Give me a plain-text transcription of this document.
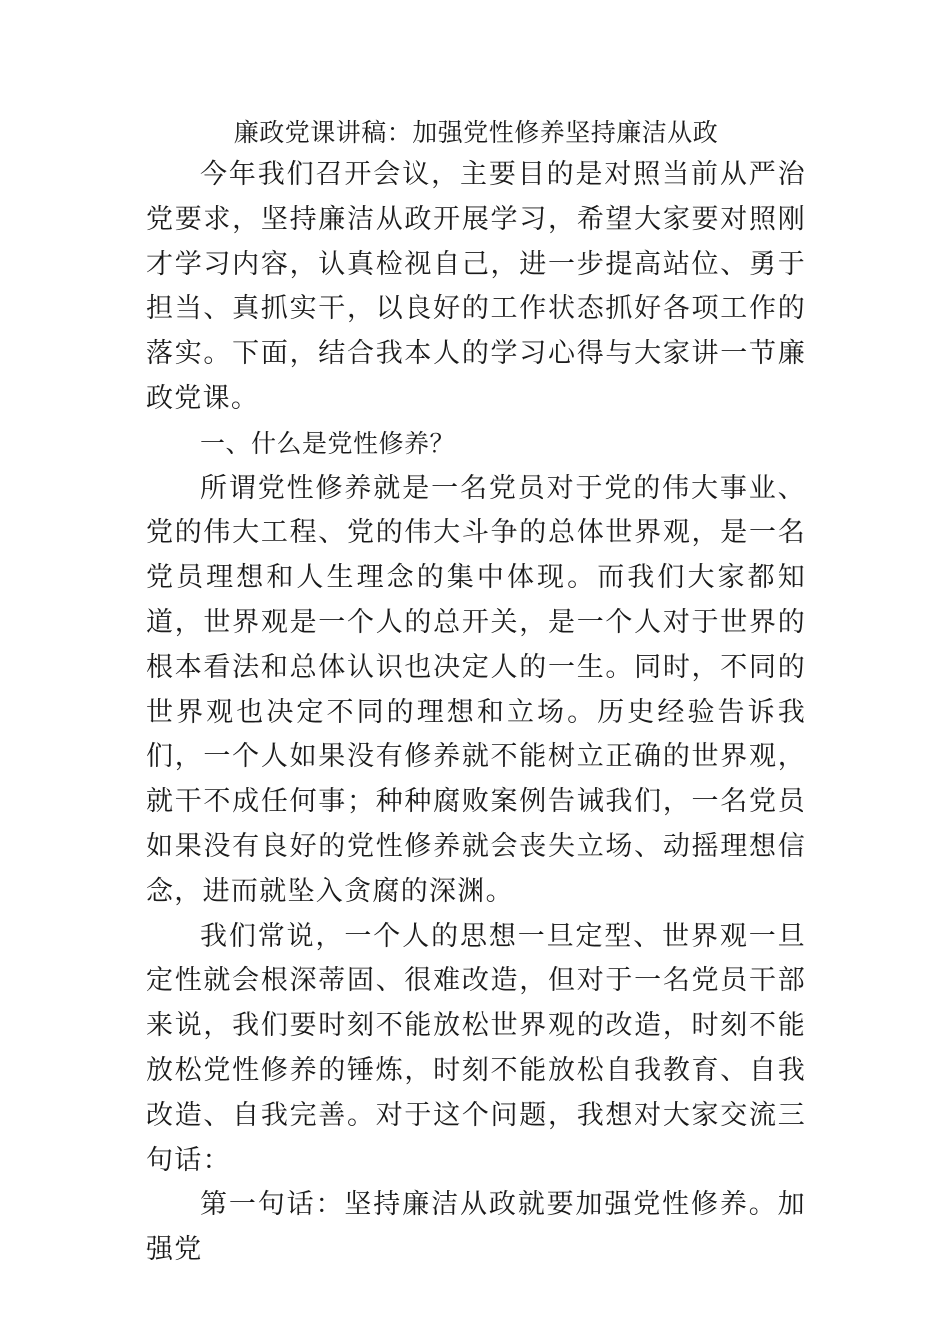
廉政党课讲稿：加强党性修养坚持廉洁从政

今年我们召开会议，主要目的是对照当前从严治党要求，坚持廉洁从政开展学习，希望大家要对照刚才学习内容，认真检视自己，进一步提高站位、勇于担当、真抓实干，以良好的工作状态抓好各项工作的落实。下面，结合我本人的学习心得与大家讲一节廉政党课。

一、什么是党性修养？

所谓党性修养就是一名党员对于党的伟大事业、党的伟大工程、党的伟大斗争的总体世界观，是一名党员理想和人生理念的集中体现。而我们大家都知道，世界观是一个人的总开关，是一个人对于世界的根本看法和总体认识也决定人的一生。同时，不同的世界观也决定不同的理想和立场。历史经验告诉我们，一个人如果没有修养就不能树立正确的世界观，就干不成任何事；种种腐败案例告诫我们，一名党员如果没有良好的党性修养就会丧失立场、动摇理想信念，进而就坠入贪腐的深渊。

我们常说，一个人的思想一旦定型、世界观一旦定性就会根深蒂固、很难改造，但对于一名党员干部来说，我们要时刻不能放松世界观的改造，时刻不能放松党性修养的锤炼，时刻不能放松自我教育、自我改造、自我完善。对于这个问题，我想对大家交流三句话：

第一句话：坚持廉洁从政就要加强党性修养。加强党
